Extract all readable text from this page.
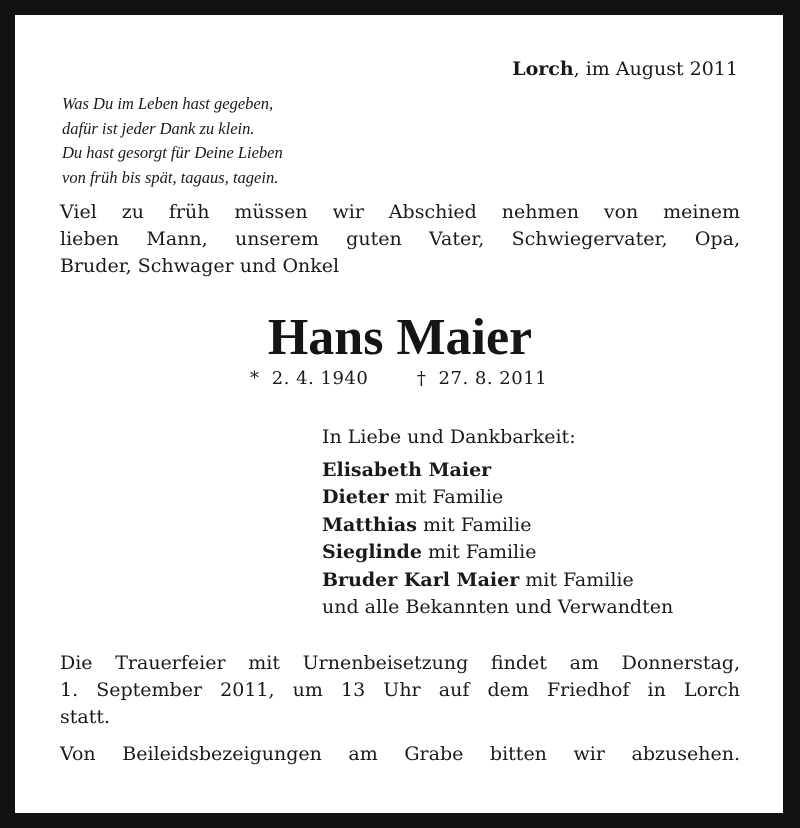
Lorch, im August 2011
Was Du im Leben hast gegeben,
dafür ist jeder Dank zu klein.
Du hast gesorgt für Deine Lieben
von früh bis spät, tagaus, tagein.
Viel zu früh müssen wir Abschied nehmen von meinem
lieben Mann, unserem guten Vater, Schwiegervater, Opa,
Bruder, Schwager und Onkel
Hans Maier
* 2. 4. 1940	† 27. 8. 2011
In Liebe und Dankbarkeit:
Elisabeth Maier
Dieter mit Familie
Matthias mit Familie
Sieglinde mit Familie
Bruder Karl Maier mit Familie
und alle Bekannten und Verwandten
Die Trauerfeier mit Urnenbeisetzung findet am Donnerstag,
1. September 2011, um 13 Uhr auf dem Friedhof in Lorch
statt.
Von Beileidsbezeigungen am Grabe bitten wir abzusehen.
